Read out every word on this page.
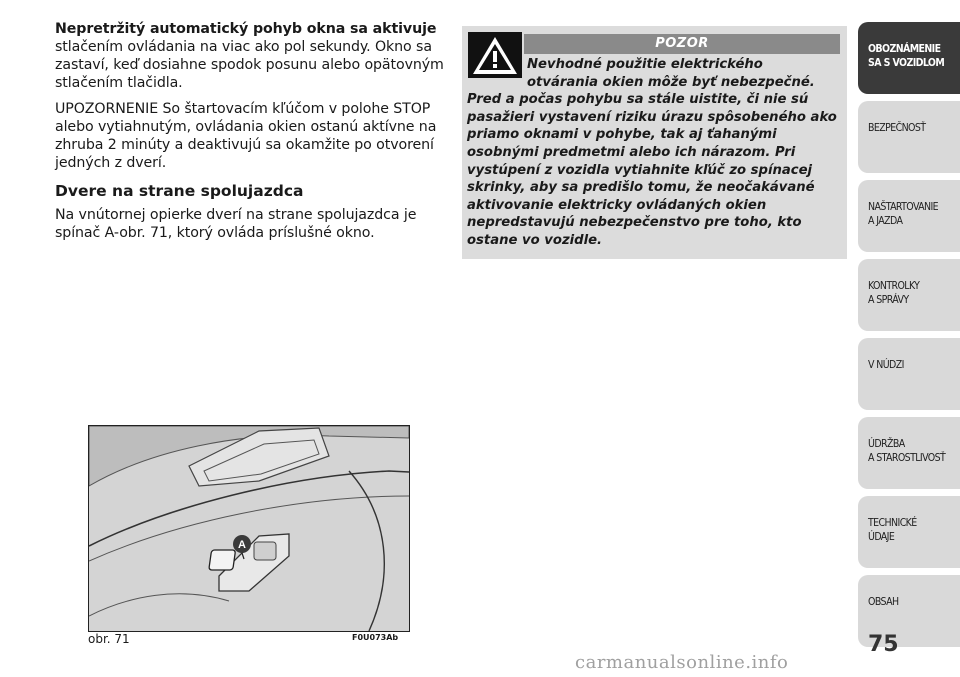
Nepretržitý automatický pohyb okna sa aktivuje
stlačením ovládania na viac ako pol sekundy. Okno sa zastaví, keď dosiahne spodok posunu alebo opätovným stlačením tlačidla.

UPOZORNENIE So štartovacím kľúčom v polohe STOP alebo vytiahnutým, ovládania okien ostanú aktívne na zhruba 2 minúty a deaktivujú sa okamžite po otvorení jedných z dverí.

Dvere na strane spolujazdca

Na vnútornej opierke dverí na strane spolujazdca je spínač A-obr. 71, ktorý ovláda príslušné okno.

POZOR
Nevhodné použitie elektrického
otvárania okien môže byť nebezpečné.
Pred a počas pohybu sa stále uistite, či nie sú pasažieri vystavení riziku úrazu spôsobeného ako priamo oknami v pohybe, tak aj ťahanými osobnými predmetmi alebo ich nárazom. Pri vystúpení z vozidla vytiahnite kľúč zo spínacej skrinky, aby sa predišlo tomu, že neočakávané aktivovanie elektricky ovládaných okien nepredstavujú nebezpečenstvo pre toho, kto ostane vo vozidle.
A
obr. 71	F0U073Ab
OBOZNÁMENIE
SA S VOZIDLOM
BEZPEČNOSŤ
NAŠTARTOVANIE
A JAZDA
KONTROLKY
A SPRÁVY
V NÚDZI
ÚDRŽBA
A STAROSTLIVOSŤ
TECHNICKÉ
ÚDAJE
OBSAH
75
carmanualsonline.info
